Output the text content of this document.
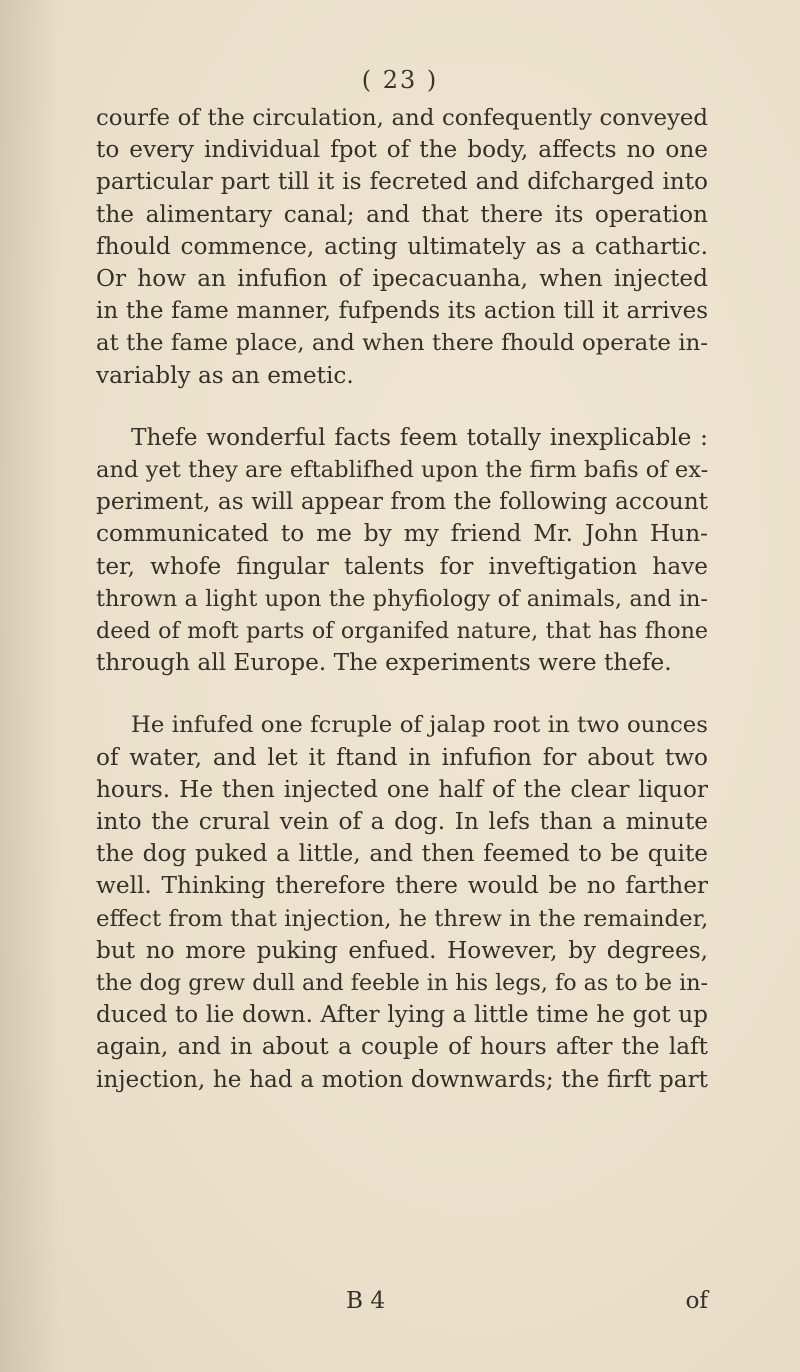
( 23 )
courfe of the circulation, and confequently conveyed
to every individual fpot of the body, affects no one
particular part till it is fecreted and difcharged into
the alimentary canal; and that there its operation
fhould commence, acting ultimately as a cathartic.
Or how an infufion of ipecacuanha, when injected
in the fame manner, fufpends its action till it arrives
at the fame place, and when there fhould operate in-
variably as an emetic.
Thefe wonderful facts feem totally inexplicable :
and yet they are eftablifhed upon the firm bafis of ex-
periment, as will appear from the following account
communicated to me by my friend Mr. John Hun-
ter, whofe fingular talents for inveftigation have
thrown a light upon the phyfiology of animals, and in-
deed of moft parts of organifed nature, that has fhone
through all Europe. The experiments were thefe.
He infufed one fcruple of jalap root in two ounces
of water, and let it ftand in infufion for about two
hours. He then injected one half of the clear liquor
into the crural vein of a dog. In lefs than a minute
the dog puked a little, and then feemed to be quite
well. Thinking therefore there would be no farther
effect from that injection, he threw in the remainder,
but no more puking enfued. However, by degrees,
the dog grew dull and feeble in his legs, fo as to be in-
duced to lie down. After lying a little time he got up
again, and in about a couple of hours after the laft
injection, he had a motion downwards; the firft part
B 4	of
